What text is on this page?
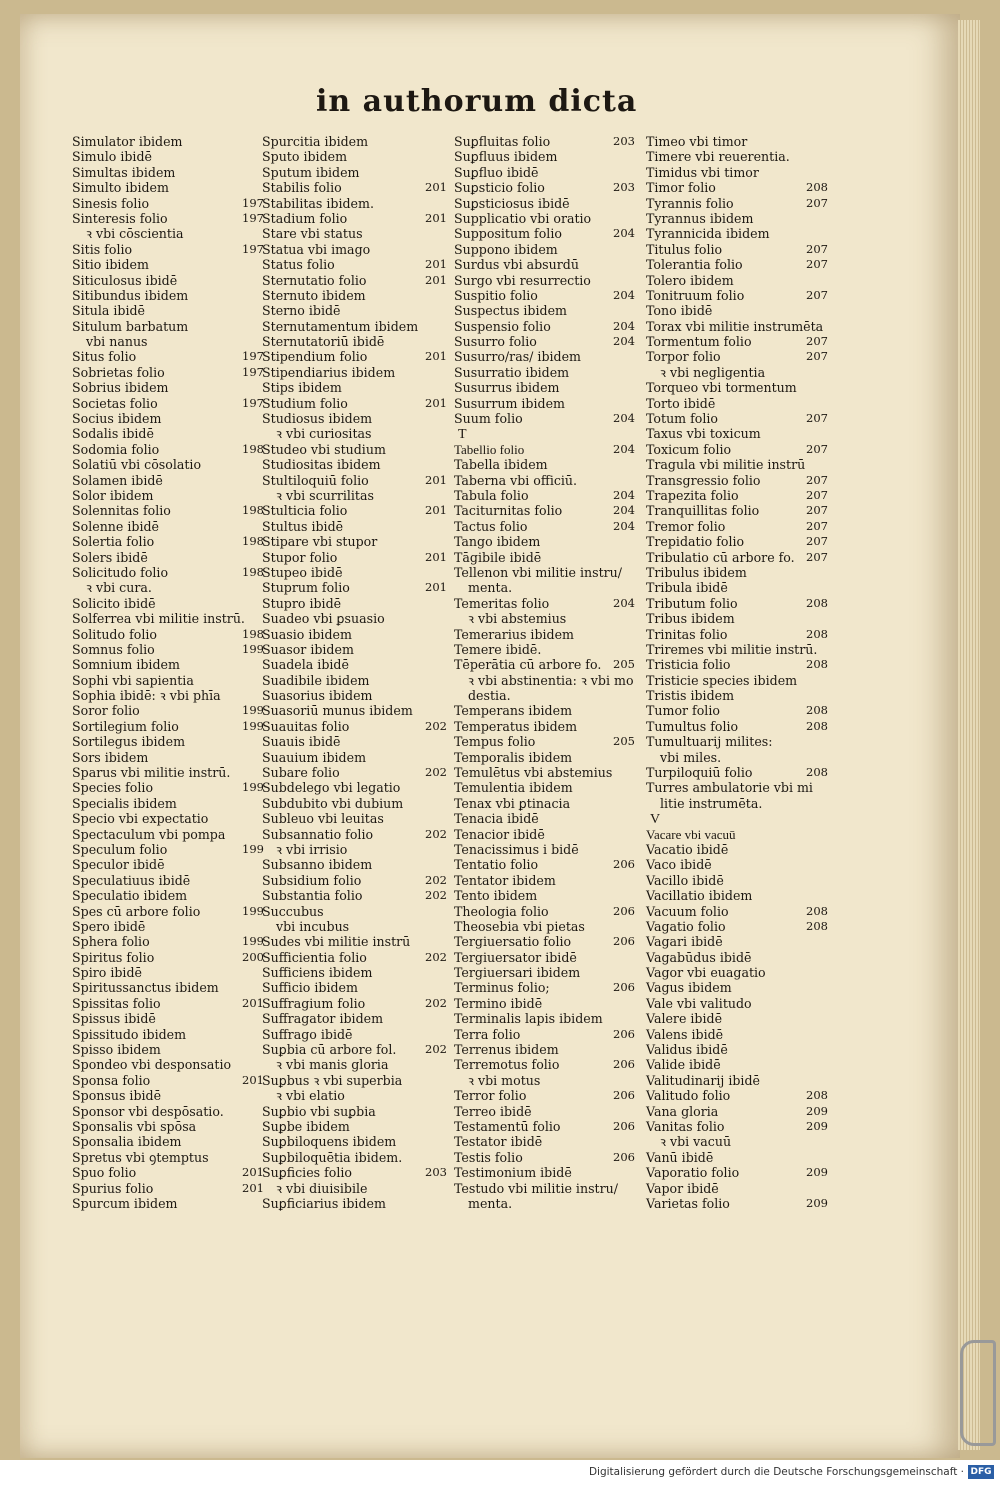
in authorum dicta
Simulator ibidem
Simulo ibidē
Simultas ibidem
Simulto ibidem
Sinesis folio	197
Sinteresis folio	197
ꝛ vbi cōscientia
Sitis folio	197
Sitio ibidem
Siticulosus ibidē
Sitibundus ibidem
Situla ibidē
Situlum barbatum
vbi nanus
Situs folio	197
Sobrietas folio	197
Sobrius ibidem
Societas folio	197
Socius ibidem
Sodalis ibidē
Sodomia folio	198
Solatiū vbi cōsolatio
Solamen ibidē
Solor ibidem
Solennitas folio	198
Solenne ibidē
Solertia folio	198
Solers ibidē
Solicitudo folio	198
ꝛ vbi cura.
Solicito ibidē
Solferrea vbi militie instrū.
Solitudo folio	198
Somnus folio	199
Somnium ibidem
Sophi vbi sapientia
Sophia ibidē: ꝛ vbi phīa
Soror folio	199
Sortilegium folio	199
Sortilegus ibidem
Sors ibidem
Sparus vbi militie instrū.
Species folio	199
Specialis ibidem
Specio vbi expectatio
Spectaculum vbi pompa
Speculum folio	199
Speculor ibidē
Speculatiuus ibidē
Speculatio ibidem
Spes cū arbore folio	199
Spero ibidē
Sphera folio	199
Spiritus folio	200
Spiro ibidē
Spiritussanctus ibidem
Spissitas folio	201
Spissus ibidē
Spissitudo ibidem
Spisso ibidem
Spondeo vbi desponsatio
Sponsa folio	201
Sponsus ibidē
Sponsor vbi despōsatio.
Sponsalis vbi spōsa
Sponsalia ibidem
Spretus vbi ꝯtemptus
Spuo folio	201
Spurius folio	201
Spurcum ibidem
Spurcitia ibidem
Sputo ibidem
Sputum ibidem
Stabilis folio	201
Stabilitas ibidem.
Stadium folio	201
Stare vbi status
Statua vbi imago
Status folio	201
Sternutatio folio	201
Sternuto ibidem
Sterno ibidē
Sternutamentum ibidem
Sternutatoriū ibidē
Stipendium folio	201
Stipendiarius ibidem
Stips ibidem
Studium folio	201
Studiosus ibidem
ꝛ vbi curiositas
Studeo vbi studium
Studiositas ibidem
Stultiloquiū folio	201
ꝛ vbi scurrilitas
Stulticia folio	201
Stultus ibidē
Stipare vbi stupor
Stupor folio	201
Stupeo ibidē
Stuprum folio	201
Stupro ibidē
Suadeo vbi ꝑsuasio
Suasio ibidem
Suasor ibidem
Suadela ibidē
Suadibile ibidem
Suasorius ibidem
Suasoriū munus ibidem
Suauitas folio	202
Suauis ibidē
Suauium ibidem
Subare folio	202
Subdelego vbi legatio
Subdubito vbi dubium
Subleuo vbi leuitas
Subsannatio folio	202
ꝛ vbi irrisio
Subsanno ibidem
Subsidium folio	202
Substantia folio	202
Succubus
vbi incubus
Sudes vbi militie instrū
Sufficientia folio	202
Sufficiens ibidem
Sufficio ibidem
Suffragium folio	202
Suffragator ibidem
Suffrago ibidē
Suꝑbia cū arbore fol. 202
ꝛ vbi manis gloria
Suꝑbus ꝛ vbi superbia
ꝛ vbi elatio
Suꝑbio vbi suꝑbia
Suꝑbe ibidem
Suꝑbiloquens ibidem
Suꝑbiloquētia ibidem.
Suꝑficies folio	203
ꝛ vbi diuisibile
Suꝑficiarius ibidem
Suꝑfluitas folio	203
Suꝑfluus ibidem
Suꝑfluo ibidē
Suꝑsticio folio	203
Suꝑsticiosus ibidē
Supplicatio vbi oratio
Suppositum folio	204
Suppono ibidem
Surdus vbi absurdū
Surgo vbi resurrectio
Suspitio folio	204
Suspectus ibidem
Suspensio folio	204
Susurro folio	204
Susurro/ras/ ibidem
Susurratio ibidem
Susurrus ibidem
Susurrum ibidem
Suum folio	204
T
Tabellio folio	204
Tabella ibidem
Taberna vbi officiū.
Tabula folio	204
Taciturnitas folio	204
Tactus folio	204
Tango ibidem
Tāgibile ibidē
Tellenon vbi militie instru/
menta.
Temeritas folio	204
ꝛ vbi abstemius
Temerarius ibidem
Temere ibidē.
Tēperātia cū arbore fo. 205
ꝛ vbi abstinentia: ꝛ vbi mo
destia.
Temperans ibidem
Temperatus ibidem
Tempus folio	205
Temporalis ibidem
Temulētus vbi abstemius
Temulentia ibidem
Tenax vbi ꝑtinacia
Tenacia ibidē
Tenacior ibidē
Tenacissimus i bidē
Tentatio folio	206
Tentator ibidem
Tento ibidem
Theologia folio	206
Theosebia vbi pietas
Tergiuersatio folio	206
Tergiuersator ibidē
Tergiuersari ibidem
Terminus folio;	206
Termino ibidē
Terminalis lapis ibidem
Terra folio	206
Terrenus ibidem
Terremotus folio	206
ꝛ vbi motus
Terror folio	206
Terreo ibidē
Testamentū folio	206
Testator ibidē
Testis folio	206
Testimonium ibidē
Testudo vbi militie instru/
menta.
Timeo vbi timor
Timere vbi reuerentia.
Timidus vbi timor
Timor folio	208
Tyrannis folio	207
Tyrannus ibidem
Tyrannicida ibidem
Titulus folio	207
Tolerantia folio	207
Tolero ibidem
Tonitruum folio	207
Tono ibidē
Torax vbi militie instrumēta
Tormentum folio	207
Torpor folio	207
ꝛ vbi negligentia
Torqueo vbi tormentum
Torto ibidē
Totum folio	207
Taxus vbi toxicum
Toxicum folio	207
Tragula vbi militie instrū
Transgressio folio	207
Trapezita folio	207
Tranquillitas folio	207
Tremor folio	207
Trepidatio folio	207
Tribulatio cū arbore fo. 207
Tribulus ibidem
Tribula ibidē
Tributum folio	208
Tribus ibidem
Trinitas folio	208
Triremes vbi militie instrū.
Tristicia folio	208
Tristicie species ibidem
Tristis ibidem
Tumor folio	208
Tumultus folio	208
Tumultuarij milites:
vbi miles.
Turpiloquiū folio	208
Turres ambulatorie vbi mi
litie instrumēta.
V
Vacare vbi vacuū
Vacatio ibidē
Vaco ibidē
Vacillo ibidē
Vacillatio ibidem
Vacuum folio	208
Vagatio folio	208
Vagari ibidē
Vagabūdus ibidē
Vagor vbi euagatio
Vagus ibidem
Vale vbi valitudo
Valere ibidē
Valens ibidē
Validus ibidē
Valide ibidē
Valitudinarij ibidē
Valitudo folio	208
Vana gloria	209
Vanitas folio	209
ꝛ vbi vacuū
Vanū ibidē
Vaporatio folio	209
Vapor ibidē
Varietas folio	209
Digitalisierung gefördert durch die Deutsche Forschungsgemeinschaft · DFG
